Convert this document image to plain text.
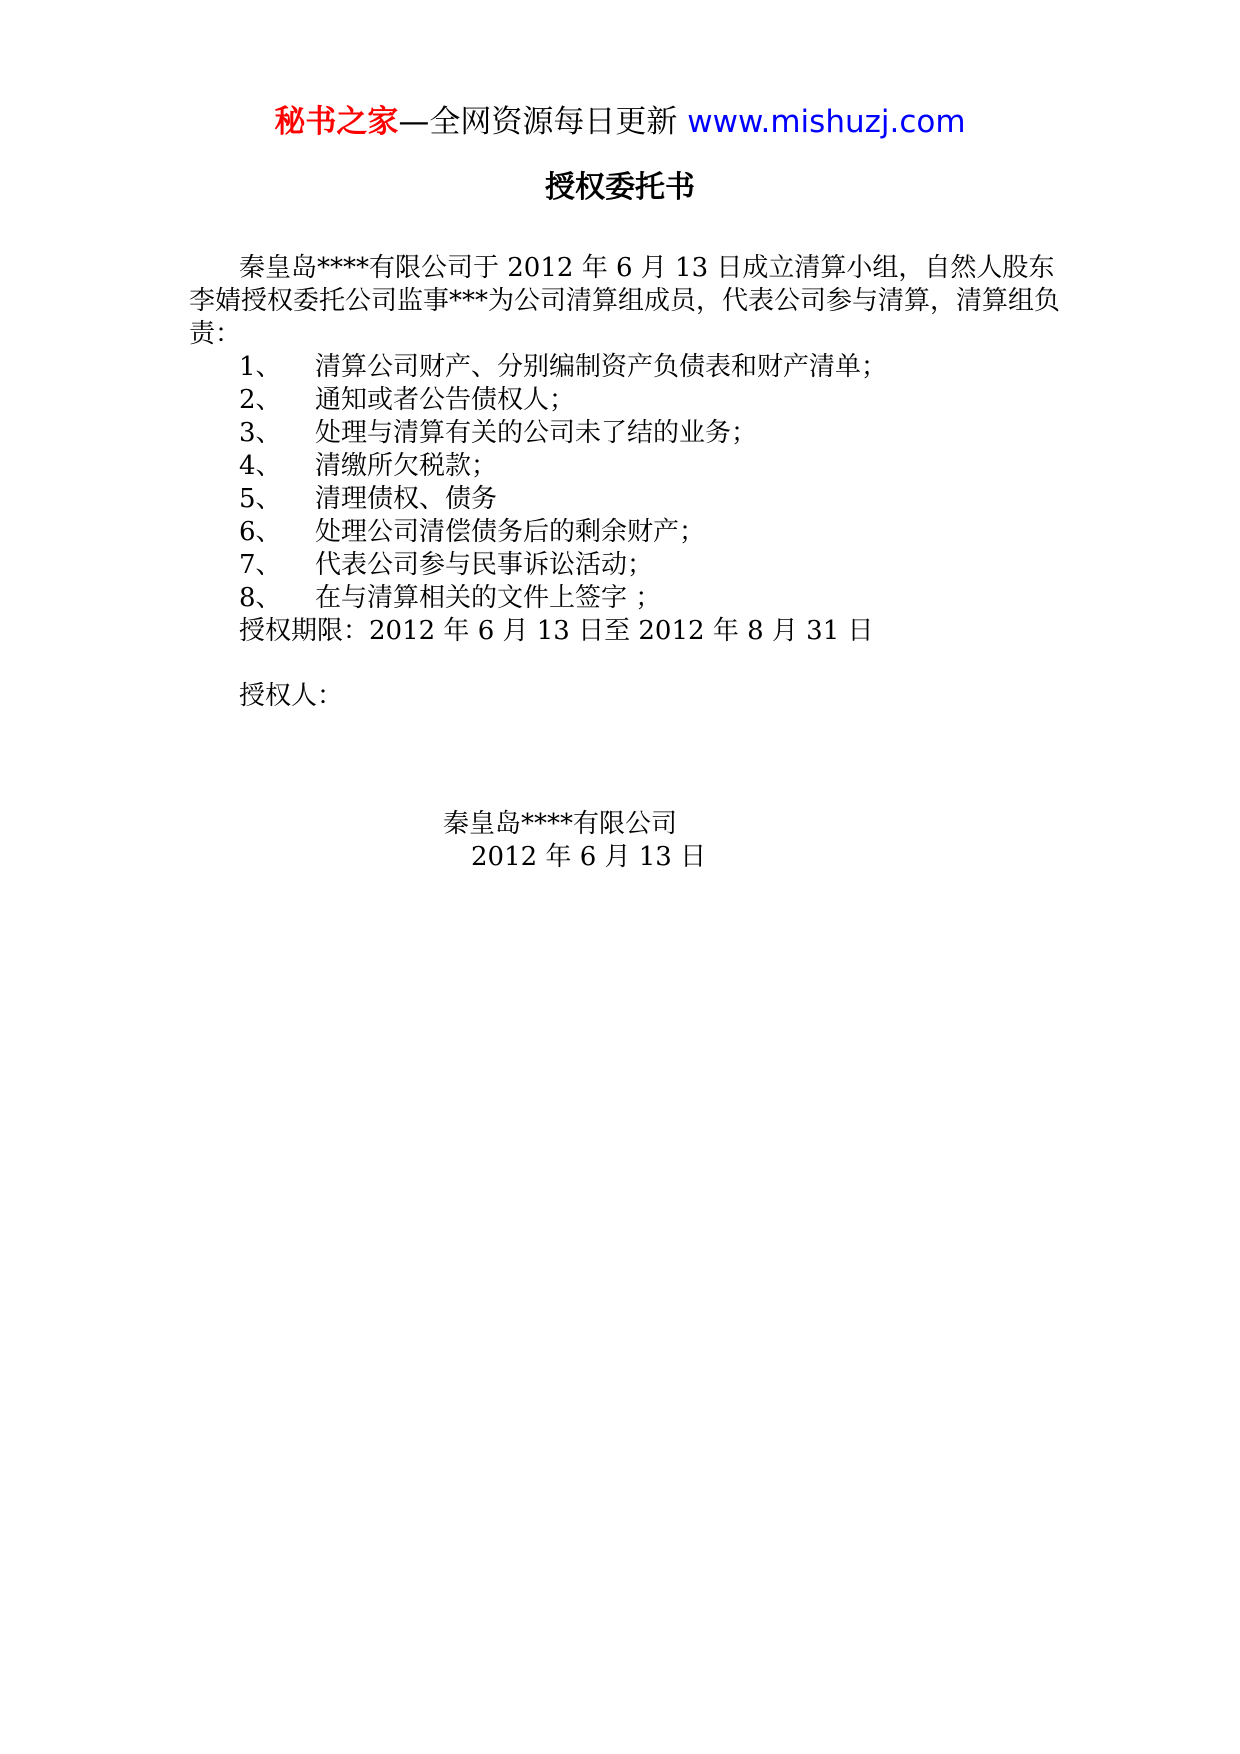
秘书之家—全网资源每日更新 www.mishuzj.com
授权委托书

秦皇岛****有限公司于 2012 年 6 月 13 日成立清算小组，自然人股东李婧授权委托公司监事***为公司清算组成员，代表公司参与清算，清算组负责：

1、	清算公司财产、分别编制资产负债表和财产清单；
2、	通知或者公告债权人；
3、	处理与清算有关的公司未了结的业务；
4、	清缴所欠税款；
5、	清理债权、债务
6、	处理公司清偿债务后的剩余财产；
7、	代表公司参与民事诉讼活动；
8、	在与清算相关的文件上签字 ；
授权期限：2012 年 6 月 13 日至 2012 年 8 月 31 日
授权人：
秦皇岛****有限公司
2012 年 6 月 13 日
